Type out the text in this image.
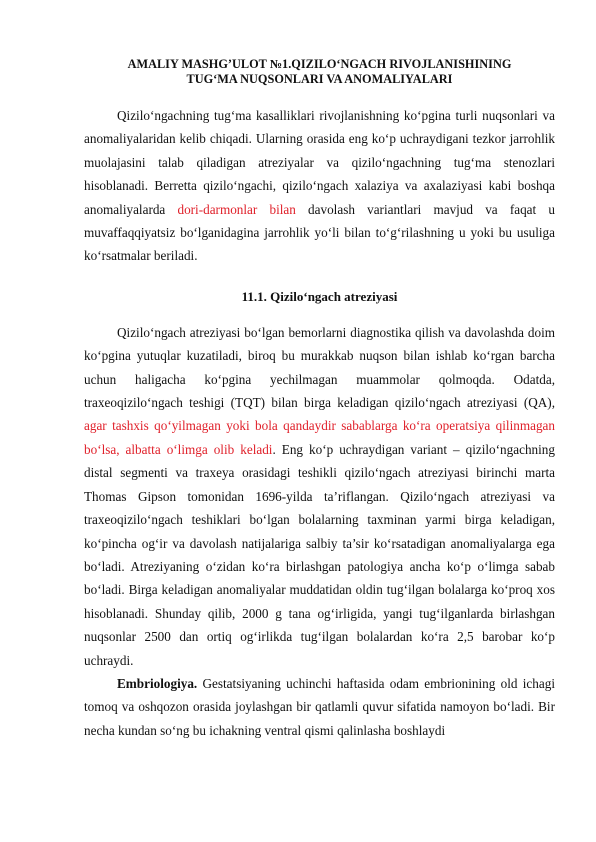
AMALIY MASHG’ULOT №1.QIZILO‘NGACH RIVOJLANISHINING
TUG‘MA NUQSONLARI VA ANOMALIYALARI

Qizilo‘ngachning tug‘ma kasalliklari rivojlanishning ko‘pgina turli nuqsonlari va anomaliyalaridan kelib chiqadi. Ularning orasida eng ko‘p uchraydigani tezkor jarrohlik muolajasini talab qiladigan atreziyalar va qizilo‘ngachning tug‘ma stenozlari hisoblanadi. Berretta qizilo‘ngachi, qizilo‘ngach xalaziya va axalaziyasi kabi boshqa anomaliyalarda dori-darmonlar bilan davolash variantlari mavjud va faqat u muvaffaqqiyatsiz bo‘lganidagina jarrohlik yo‘li bilan to‘g‘rilashning u yoki bu usuliga ko‘rsatmalar beriladi.

11.1. Qizilo‘ngach atreziyasi

Qizilo‘ngach atreziyasi bo‘lgan bemorlarni diagnostika qilish va davolashda doim ko‘pgina yutuqlar kuzatiladi, biroq bu murakkab nuqson bilan ishlab ko‘rgan barcha uchun haligacha ko‘pgina yechilmagan muammolar qolmoqda. Odatda, traxeoqizilo‘ngach teshigi (TQT) bilan birga keladigan qizilo‘ngach atreziyasi (QA), agar tashxis qo‘yilmagan yoki bola qandaydir sabablarga ko‘ra operatsiya qilinmagan bo‘lsa, albatta o‘limga olib keladi. Eng ko‘p uchraydigan variant – qizilo‘ngachning distal segmenti va traxeya orasidagi teshikli qizilo‘ngach atreziyasi birinchi marta Thomas Gipson tomonidan 1696-yilda ta’riflangan. Qizilo‘ngach atreziyasi va traxeoqizilo‘ngach teshiklari bo‘lgan bolalarning taxminan yarmi birga keladigan, ko‘pincha og‘ir va davolash natijalariga salbiy ta’sir ko‘rsatadigan anomaliyalarga ega bo‘ladi. Atreziyaning o‘zidan ko‘ra birlashgan patologiya ancha ko‘p o‘limga sabab bo‘ladi. Birga keladigan anomaliyalar muddatidan oldin tug‘ilgan bolalarga ko‘proq xos hisoblanadi. Shunday qilib, 2000 g tana og‘irligida, yangi tug‘ilganlarda birlashgan nuqsonlar 2500 dan ortiq og‘irlikda tug‘ilgan bolalardan ko‘ra 2,5 barobar ko‘p uchraydi.

Embriologiya. Gestatsiyaning uchinchi haftasida odam embrionining old ichagi tomoq va oshqozon orasida joylashgan bir qatlamli quvur sifatida namoyon bo‘ladi. Bir necha kundan so‘ng bu ichakning ventral qismi qalinlasha boshlaydi
